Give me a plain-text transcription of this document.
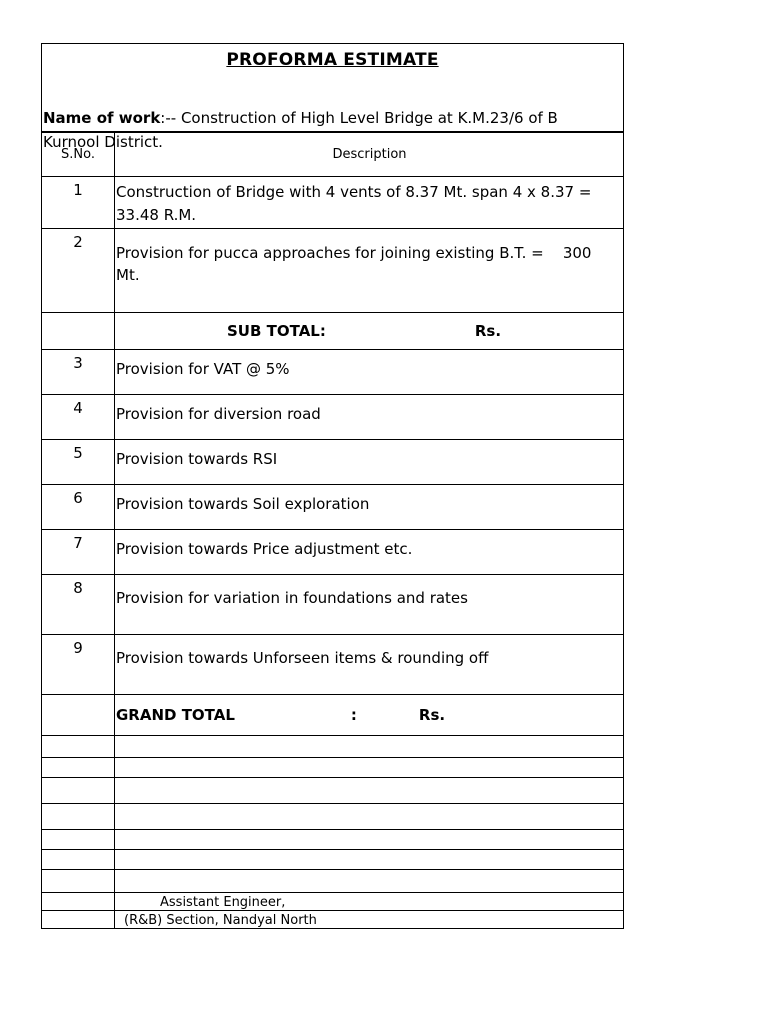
PROFORMA ESTIMATE
Name of work:-- Construction of High Level Bridge at K.M.23/6 of B
Kurnool District.
S.No.	Description
1	Construction of Bridge with 4 vents of 8.37 Mt. span 4 x 8.37 =
33.48 R.M.

2	Provision for pucca approaches for joining existing B.T. =    300
Mt.

	SUB TOTAL: Rs.
3	Provision for VAT @ 5%
4	Provision for diversion road
5	Provision towards RSI
6	Provision towards Soil exploration
7	Provision towards Price adjustment etc.
8	Provision for variation in foundations and rates
9	Provision towards Unforseen items & rounding off
	GRAND TOTAL : Rs.

	Assistant Engineer,
	(R&B) Section, Nandyal North
